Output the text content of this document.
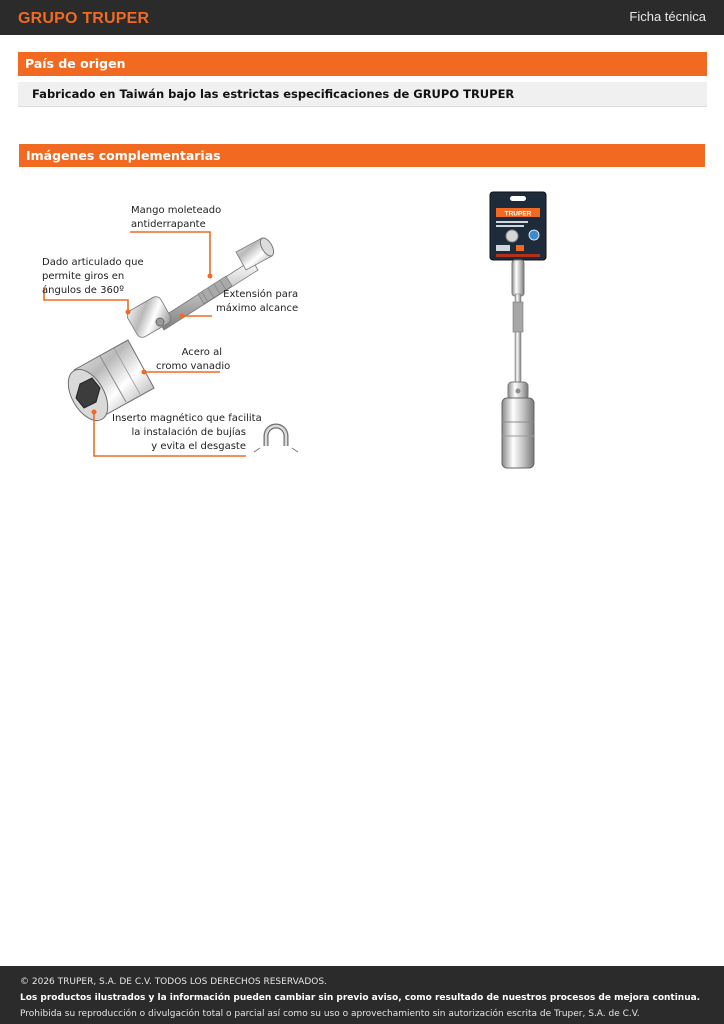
GRUPO TRUPER	Ficha técnica
País de origen
Fabricado en Taiwán bajo las estrictas especificaciones de GRUPO TRUPER
Imágenes complementarias
Mango moleteado
antiderrapante
Dado articulado que
permite giros en
ángulos de 360º	Extensión para
máximo alcance
Acero al
cromo vanadio
Inserto magnético que facilita
la instalación de bujías
y evita el desgaste
TRUPER
© 2026 TRUPER, S.A. DE C.V. TODOS LOS DERECHOS RESERVADOS.
Los productos ilustrados y la información pueden cambiar sin previo aviso, como resultado de nuestros procesos de mejora continua.
Prohibida su reproducción o divulgación total o parcial así como su uso o aprovechamiento sin autorización escrita de Truper, S.A. de C.V.
